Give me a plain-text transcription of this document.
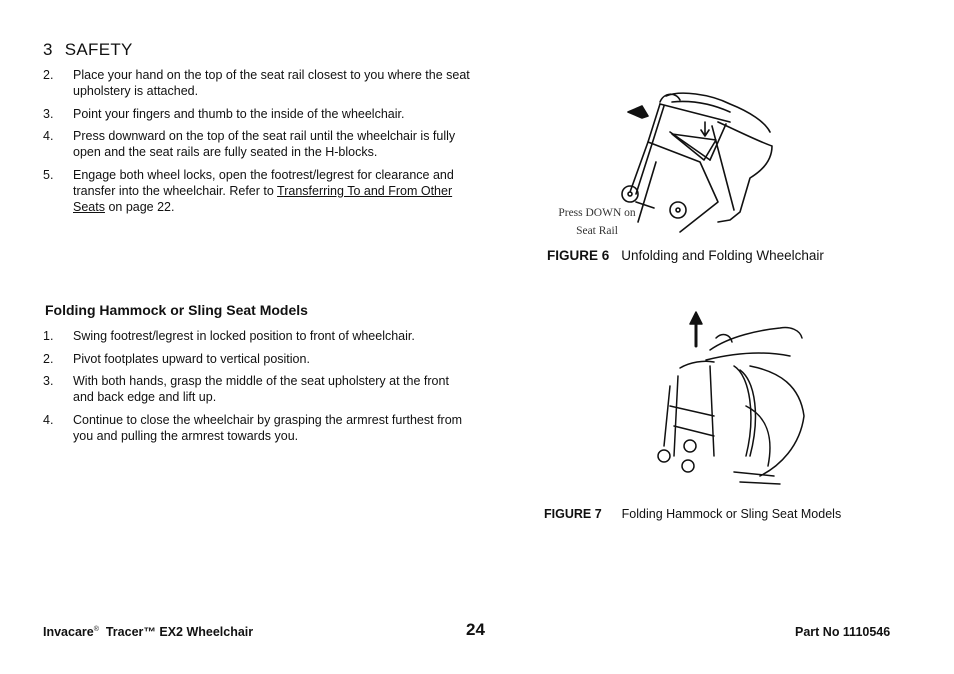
3 SAFETY
2. Place your hand on the top of the seat rail closest to you where the seat upholstery is attached.
3. Point your fingers and thumb to the inside of the wheelchair.
4. Press downward on the top of the seat rail until the wheelchair is fully open and the seat rails are fully seated in the H-blocks.
5. Engage both wheel locks, open the footrest/legrest for clearance and transfer into the wheelchair. Refer to Transferring To and From Other Seats on page 22.
Folding Hammock or Sling Seat Models
1. Swing footrest/legrest in locked position to front of wheelchair.
2. Pivot footplates upward to vertical position.
3. With both hands, grasp the middle of the seat upholstery at the front and back edge and lift up.
4. Continue to close the wheelchair by grasping the armrest furthest from you and pulling the armrest towards you.
Press DOWN on
Seat Rail
FIGURE 6 Unfolding and Folding Wheelchair
FIGURE 7 Folding Hammock or Sling Seat Models
Invacare® Tracer™ EX2 Wheelchair	24	Part No 1110546
